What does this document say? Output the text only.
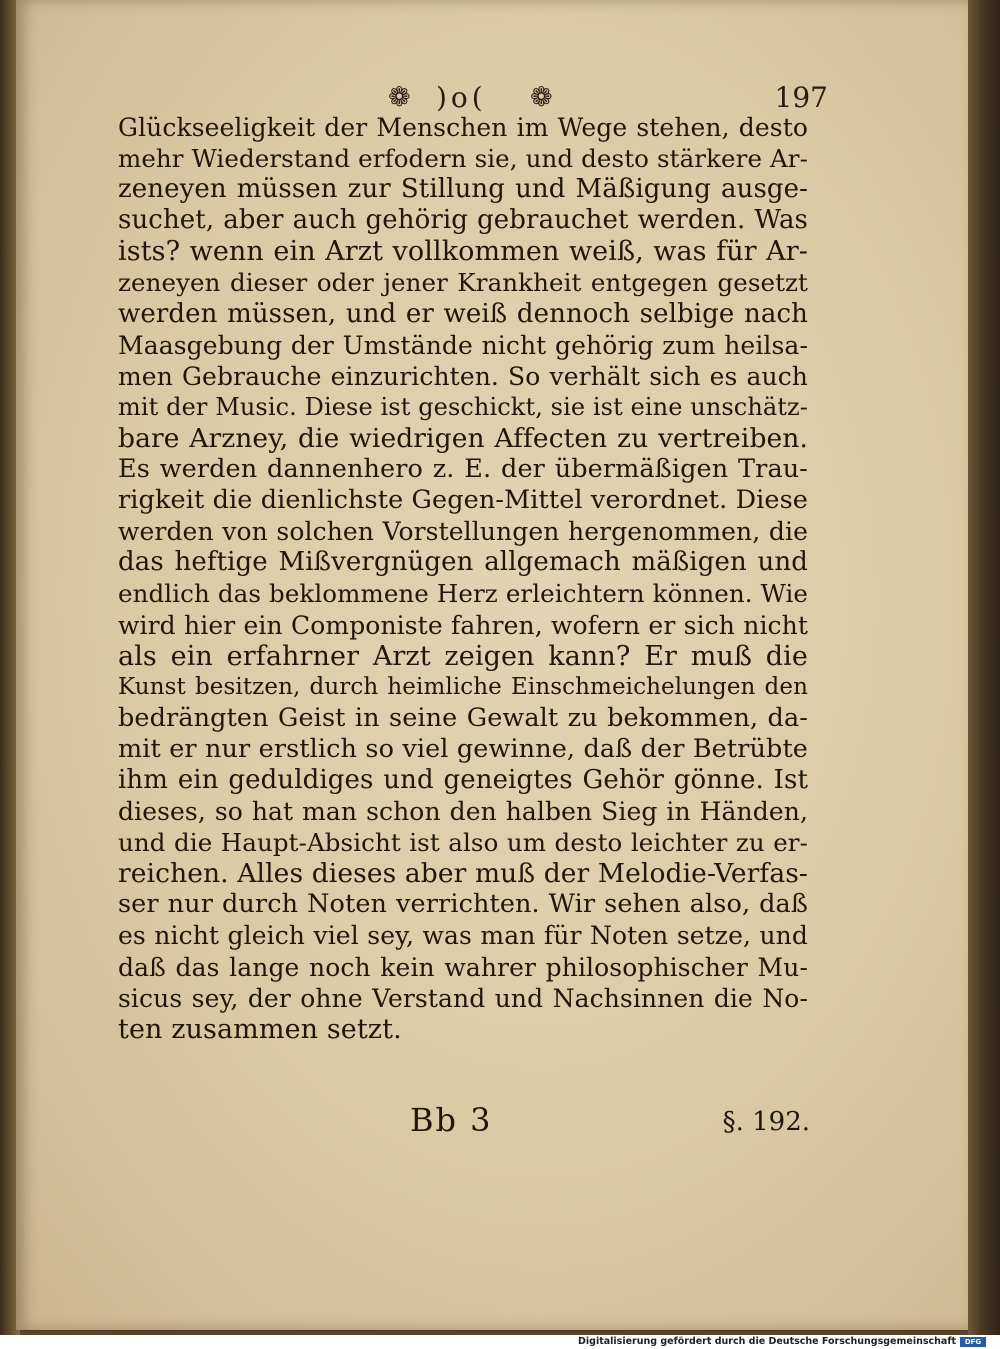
❁ )o( ❁	197
Glückseeligkeit der Menschen im Wege stehen, desto
mehr Wiederstand erfodern sie, und desto stärkere Ar-
zeneyen müssen zur Stillung und Mäßigung ausge-
suchet, aber auch gehörig gebrauchet werden. Was
ists? wenn ein Arzt vollkommen weiß, was für Ar-
zeneyen dieser oder jener Krankheit entgegen gesetzt
werden müssen, und er weiß dennoch selbige nach
Maasgebung der Umstände nicht gehörig zum heilsa-
men Gebrauche einzurichten. So verhält sich es auch
mit der Music. Diese ist geschickt, sie ist eine unschätz-
bare Arzney, die wiedrigen Affecten zu vertreiben.
Es werden dannenhero z. E. der übermäßigen Trau-
rigkeit die dienlichste Gegen-Mittel verordnet. Diese
werden von solchen Vorstellungen hergenommen, die
das heftige Mißvergnügen allgemach mäßigen und
endlich das beklommene Herz erleichtern können. Wie
wird hier ein Componiste fahren, wofern er sich nicht
als ein erfahrner Arzt zeigen kann? Er muß die
Kunst besitzen, durch heimliche Einschmeichelungen den
bedrängten Geist in seine Gewalt zu bekommen, da-
mit er nur erstlich so viel gewinne, daß der Betrübte
ihm ein geduldiges und geneigtes Gehör gönne. Ist
dieses, so hat man schon den halben Sieg in Händen,
und die Haupt-Absicht ist also um desto leichter zu er-
reichen. Alles dieses aber muß der Melodie-Verfas-
ser nur durch Noten verrichten. Wir sehen also, daß
es nicht gleich viel sey, was man für Noten setze, und
daß das lange noch kein wahrer philosophischer Mu-
sicus sey, der ohne Verstand und Nachsinnen die No-
ten zusammen setzt.
Bb 3	§. 192.
Digitalisierung gefördert durch die Deutsche Forschungsgemeinschaft	DFG
